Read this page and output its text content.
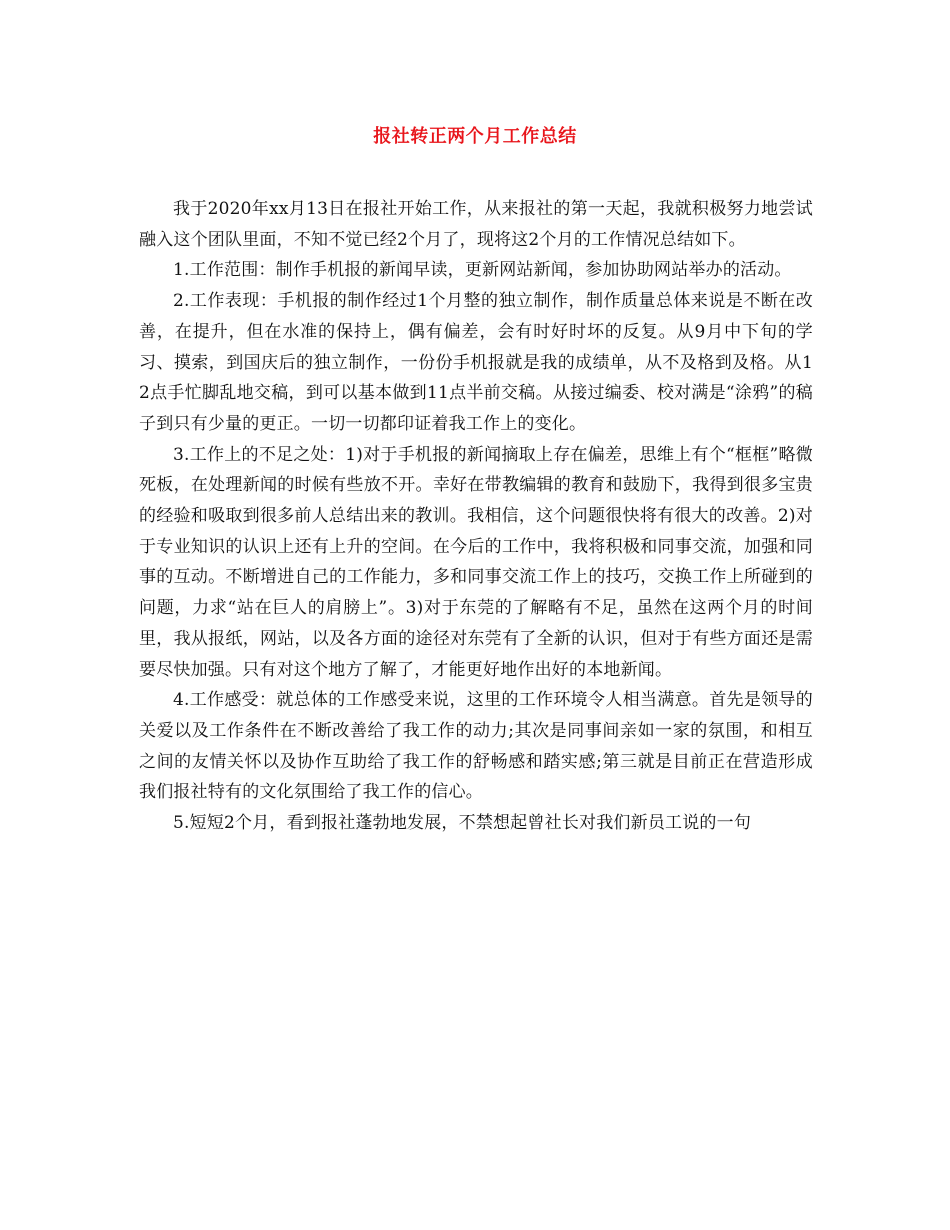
报社转正两个月工作总结

我于2020年xx月13日在报社开始工作，从来报社的第一天起，我就积极努力地尝试融入这个团队里面，不知不觉已经2个月了，现将这2个月的工作情况总结如下。

1.工作范围：制作手机报的新闻早读，更新网站新闻，参加协助网站举办的活动。

2.工作表现：手机报的制作经过1个月整的独立制作，制作质量总体来说是不断在改善，在提升，但在水准的保持上，偶有偏差，会有时好时坏的反复。从9月中下旬的学习、摸索，到国庆后的独立制作，一份份手机报就是我的成绩单，从不及格到及格。从12点手忙脚乱地交稿，到可以基本做到11点半前交稿。从接过编委、校对满是“涂鸦”的稿子到只有少量的更正。一切一切都印证着我工作上的变化。

3.工作上的不足之处：1)对于手机报的新闻摘取上存在偏差，思维上有个“框框”略微死板，在处理新闻的时候有些放不开。幸好在带教编辑的教育和鼓励下，我得到很多宝贵的经验和吸取到很多前人总结出来的教训。我相信，这个问题很快将有很大的改善。2)对于专业知识的认识上还有上升的空间。在今后的工作中，我将积极和同事交流，加强和同事的互动。不断增进自己的工作能力，多和同事交流工作上的技巧，交换工作上所碰到的问题，力求“站在巨人的肩膀上”。3)对于东莞的了解略有不足，虽然在这两个月的时间里，我从报纸，网站，以及各方面的途径对东莞有了全新的认识，但对于有些方面还是需要尽快加强。只有对这个地方了解了，才能更好地作出好的本地新闻。

4.工作感受：就总体的工作感受来说，这里的工作环境令人相当满意。首先是领导的关爱以及工作条件在不断改善给了我工作的动力;其次是同事间亲如一家的氛围，和相互之间的友情关怀以及协作互助给了我工作的舒畅感和踏实感;第三就是目前正在营造形成我们报社特有的文化氛围给了我工作的信心。

5.短短2个月，看到报社蓬勃地发展，不禁想起曾社长对我们新员工说的一句
